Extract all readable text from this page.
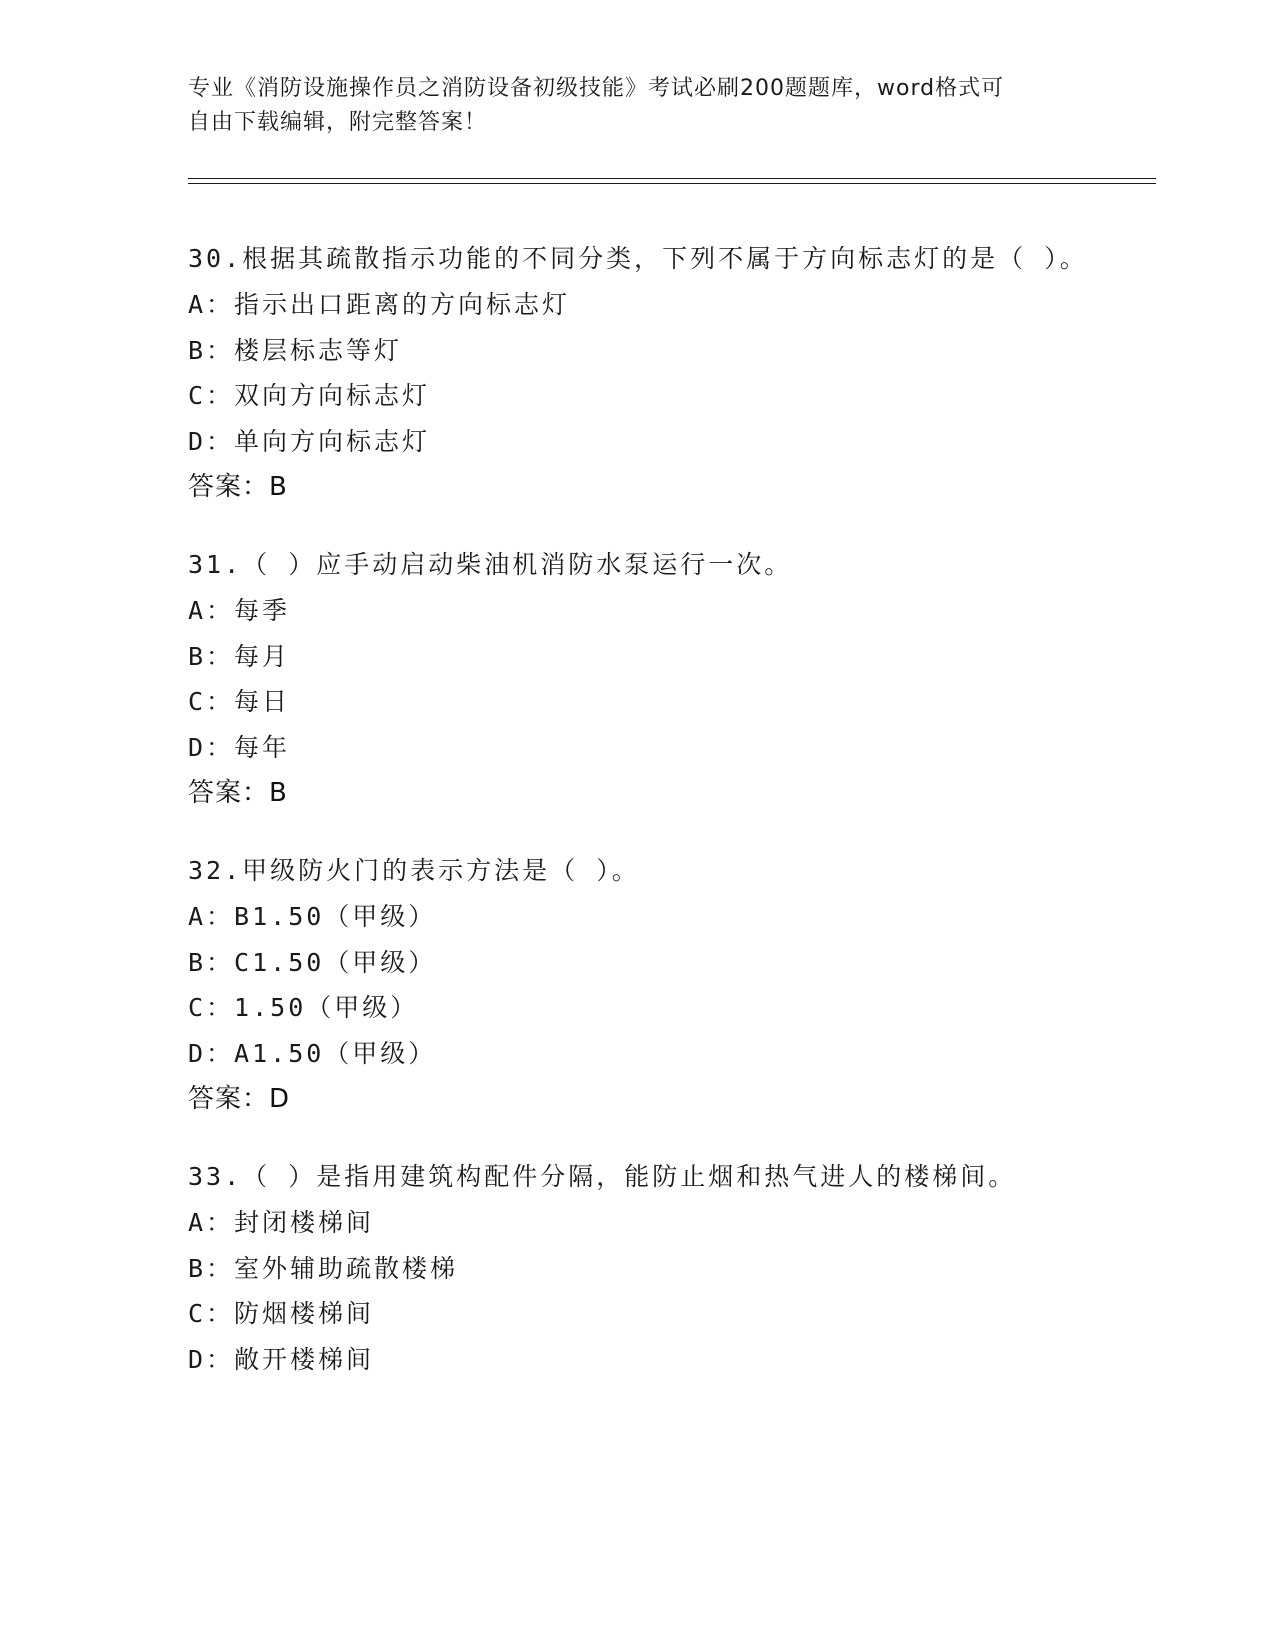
专业《消防设施操作员之消防设备初级技能》考试必刷200题题库，word格式可
自由下载编辑，附完整答案！
30.根据其疏散指示功能的不同分类，下列不属于方向标志灯的是（ ）。
A：指示出口距离的方向标志灯
B：楼层标志等灯
C：双向方向标志灯
D：单向方向标志灯
答案：B
31.（ ）应手动启动柴油机消防水泵运行一次。
A：每季
B：每月
C：每日
D：每年
答案：B
32.甲级防火门的表示方法是（ ）。
A：B1.50（甲级）
B：C1.50（甲级）
C：1.50（甲级）
D：A1.50（甲级）
答案：D
33.（ ）是指用建筑构配件分隔，能防止烟和热气进人的楼梯间。
A：封闭楼梯间
B：室外辅助疏散楼梯
C：防烟楼梯间
D：敞开楼梯间
